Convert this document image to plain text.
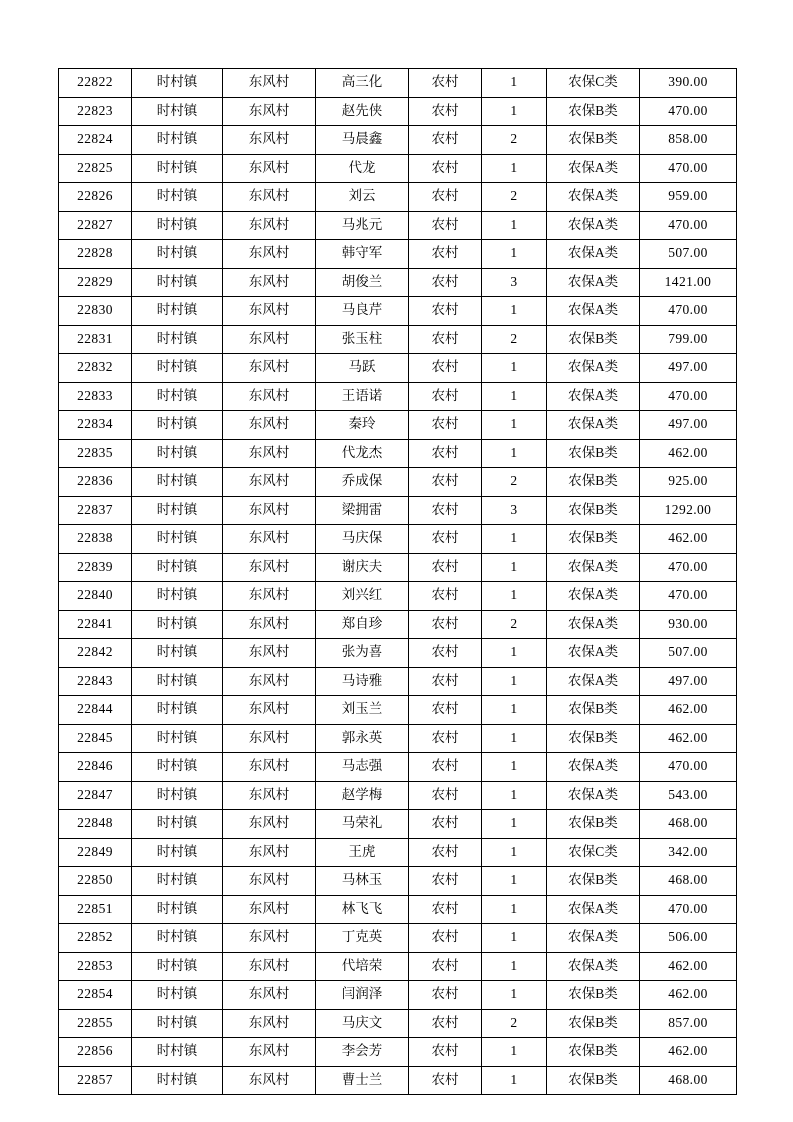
22822	时村镇	东风村	高三化	农村	1	农保C类	390.00
22823	时村镇	东风村	赵先侠	农村	1	农保B类	470.00
22824	时村镇	东风村	马晨鑫	农村	2	农保B类	858.00
22825	时村镇	东风村	代龙	农村	1	农保A类	470.00
22826	时村镇	东风村	刘云	农村	2	农保A类	959.00
22827	时村镇	东风村	马兆元	农村	1	农保A类	470.00
22828	时村镇	东风村	韩守军	农村	1	农保A类	507.00
22829	时村镇	东风村	胡俊兰	农村	3	农保A类	1421.00
22830	时村镇	东风村	马良芹	农村	1	农保A类	470.00
22831	时村镇	东风村	张玉柱	农村	2	农保B类	799.00
22832	时村镇	东风村	马跃	农村	1	农保A类	497.00
22833	时村镇	东风村	王语诺	农村	1	农保A类	470.00
22834	时村镇	东风村	秦玲	农村	1	农保A类	497.00
22835	时村镇	东风村	代龙杰	农村	1	农保B类	462.00
22836	时村镇	东风村	乔成保	农村	2	农保B类	925.00
22837	时村镇	东风村	梁拥雷	农村	3	农保B类	1292.00
22838	时村镇	东风村	马庆保	农村	1	农保B类	462.00
22839	时村镇	东风村	谢庆夫	农村	1	农保A类	470.00
22840	时村镇	东风村	刘兴红	农村	1	农保A类	470.00
22841	时村镇	东风村	郑自珍	农村	2	农保A类	930.00
22842	时村镇	东风村	张为喜	农村	1	农保A类	507.00
22843	时村镇	东风村	马诗雅	农村	1	农保A类	497.00
22844	时村镇	东风村	刘玉兰	农村	1	农保B类	462.00
22845	时村镇	东风村	郭永英	农村	1	农保B类	462.00
22846	时村镇	东风村	马志强	农村	1	农保A类	470.00
22847	时村镇	东风村	赵学梅	农村	1	农保A类	543.00
22848	时村镇	东风村	马荣礼	农村	1	农保B类	468.00
22849	时村镇	东风村	王虎	农村	1	农保C类	342.00
22850	时村镇	东风村	马林玉	农村	1	农保B类	468.00
22851	时村镇	东风村	林飞飞	农村	1	农保A类	470.00
22852	时村镇	东风村	丁克英	农村	1	农保A类	506.00
22853	时村镇	东风村	代培荣	农村	1	农保A类	462.00
22854	时村镇	东风村	闫润泽	农村	1	农保B类	462.00
22855	时村镇	东风村	马庆文	农村	2	农保B类	857.00
22856	时村镇	东风村	李会芳	农村	1	农保B类	462.00
22857	时村镇	东风村	曹士兰	农村	1	农保B类	468.00
